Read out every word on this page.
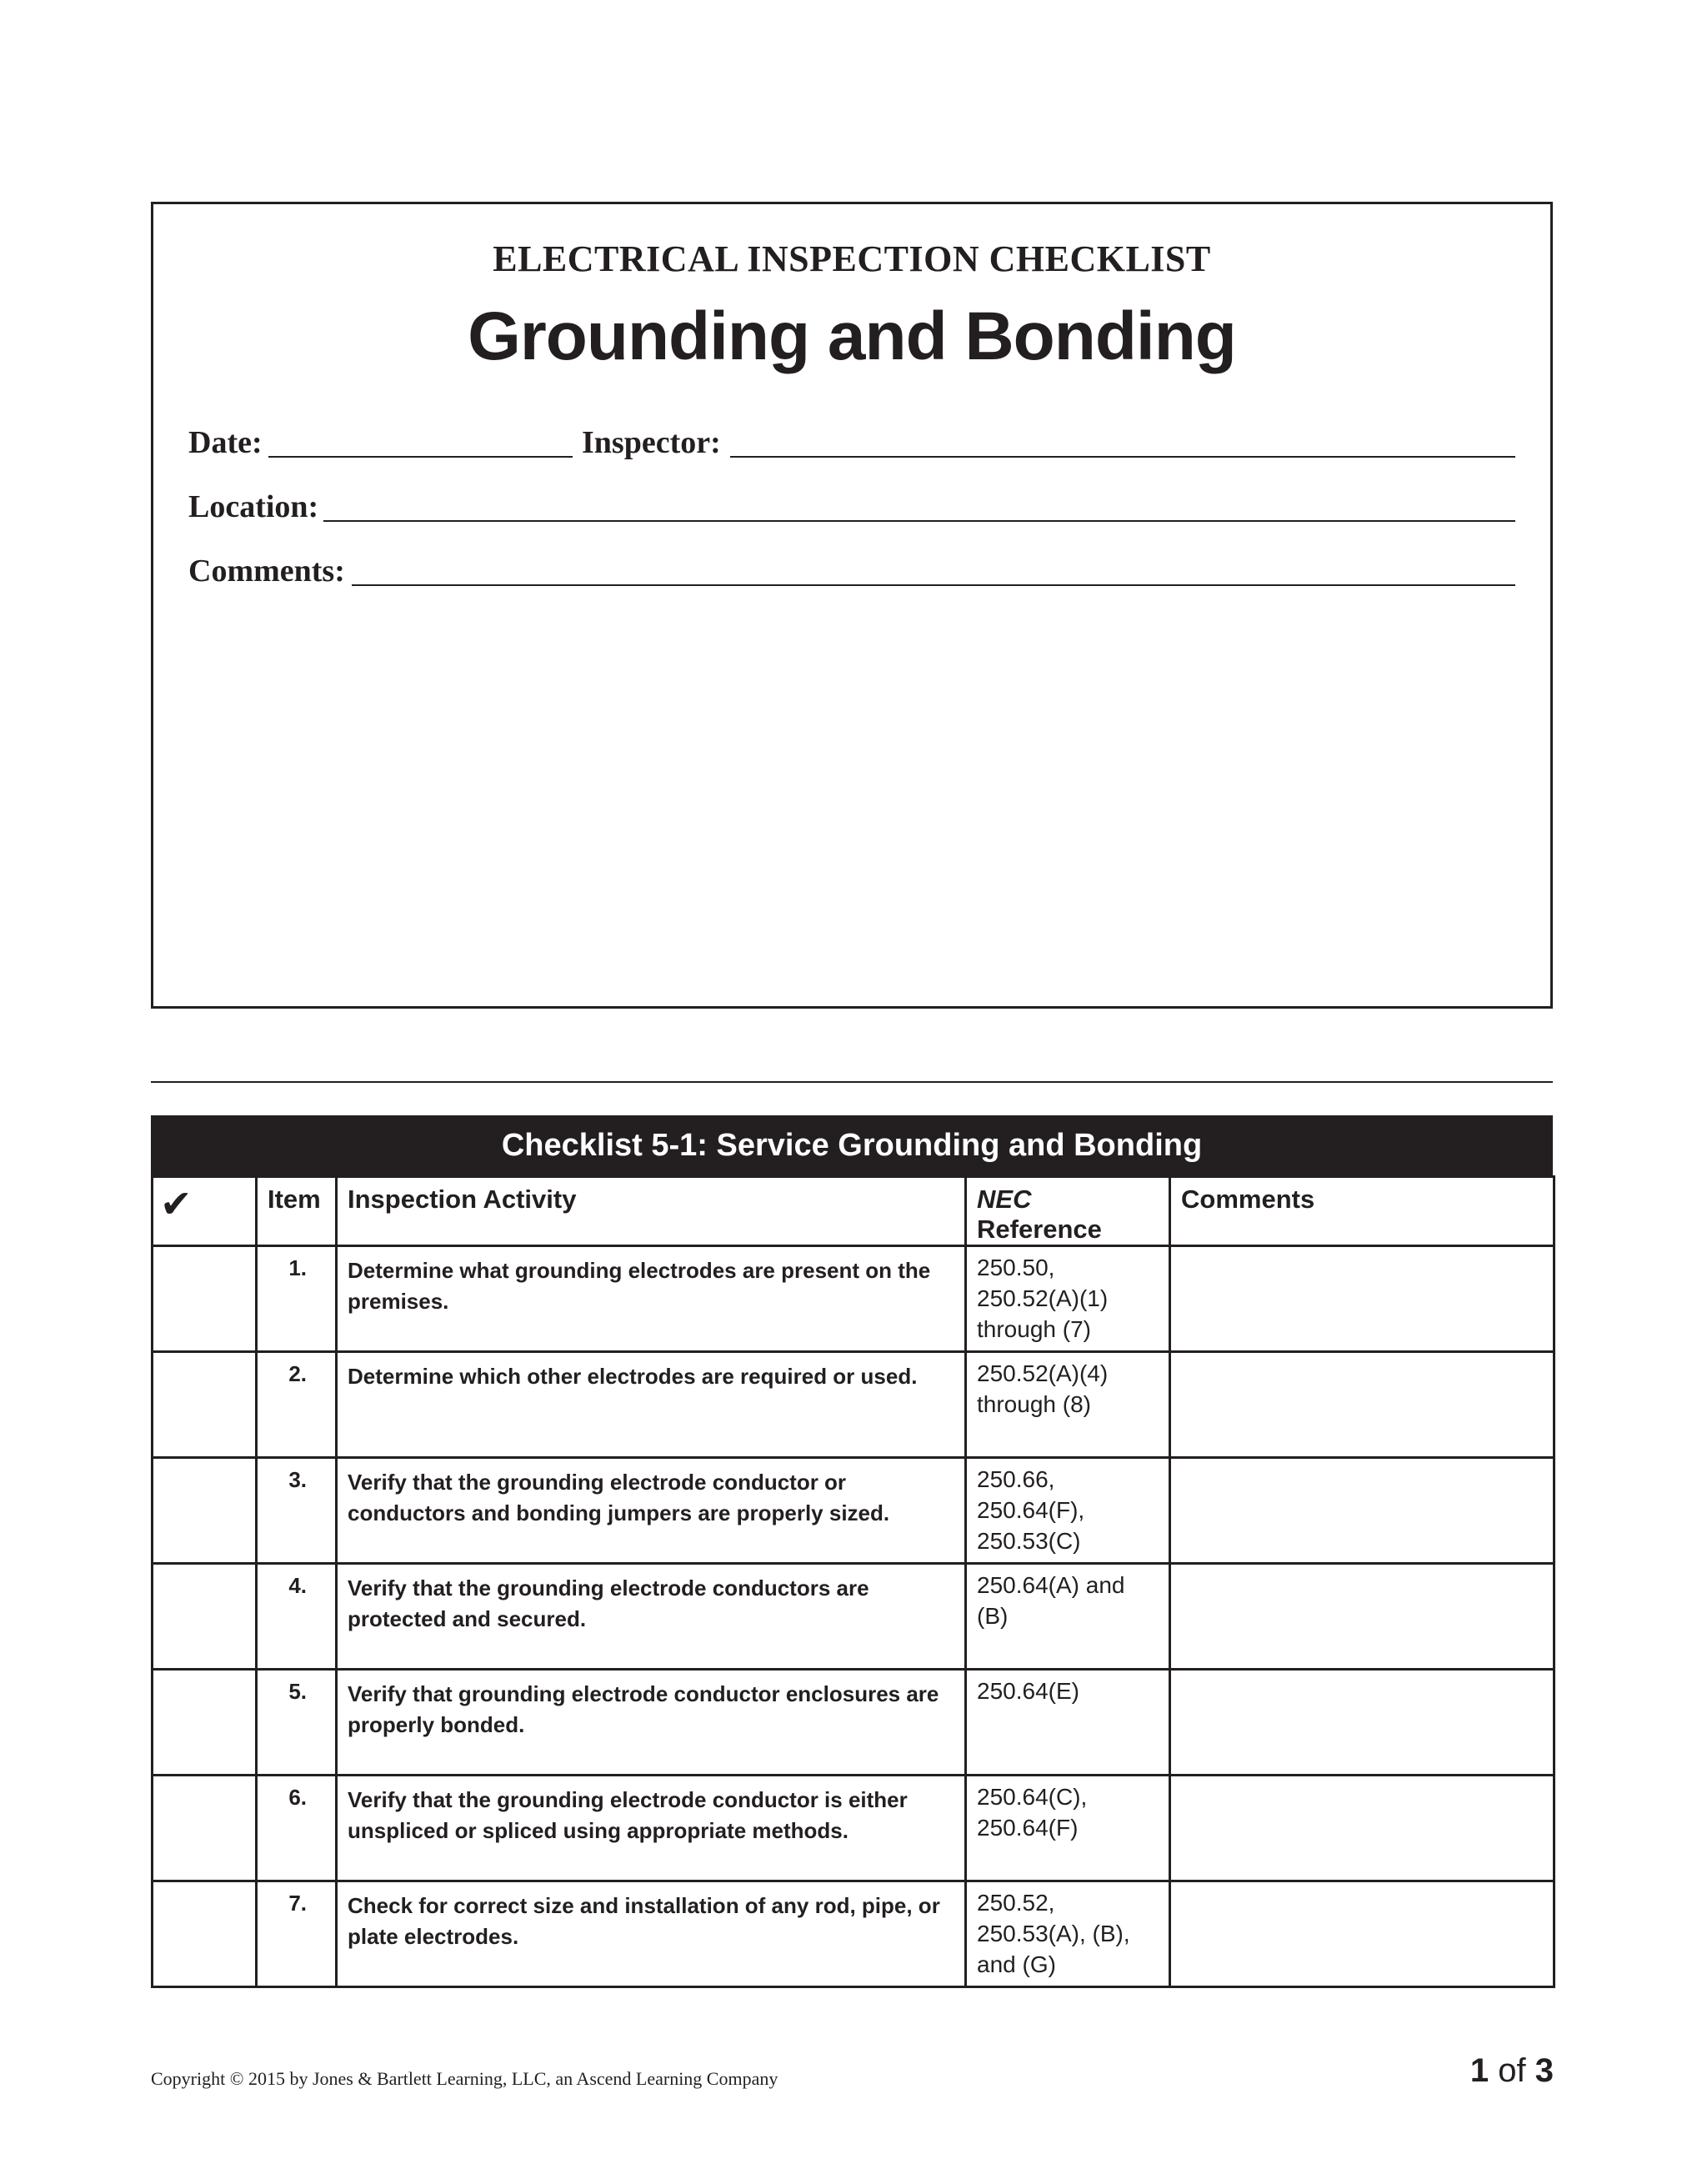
ELECTRICAL INSPECTION CHECKLIST
Grounding and Bonding
Date:	Inspector:
Location:
Comments:
Checklist 5-1: Service Grounding and Bonding
✔	Item	Inspection Activity	NEC Reference	Comments
	1.	Determine what grounding electrodes are present on the premises.	250.50,
250.52(A)(1)
through (7)	

	2.	Determine which other electrodes are required or used.	250.52(A)(4)
through (8)	

	3.	Verify that the grounding electrode conductor or conductors and bonding jumpers are properly sized.	250.66,
250.64(F),
250.53(C)	

	4.	Verify that the grounding electrode conductors are protected and secured.	250.64(A) and
(B)	

	5.	Verify that grounding electrode conductor enclosures are properly bonded.	250.64(E)	

	6.	Verify that the grounding electrode conductor is either unspliced or spliced using appropriate methods.	250.64(C),
250.64(F)	

	7.	Check for correct size and installation of any rod, pipe, or plate electrodes.	250.52,
250.53(A), (B),
and (G)	

Copyright © 2015 by Jones & Bartlett Learning, LLC, an Ascend Learning Company	1 of 3
